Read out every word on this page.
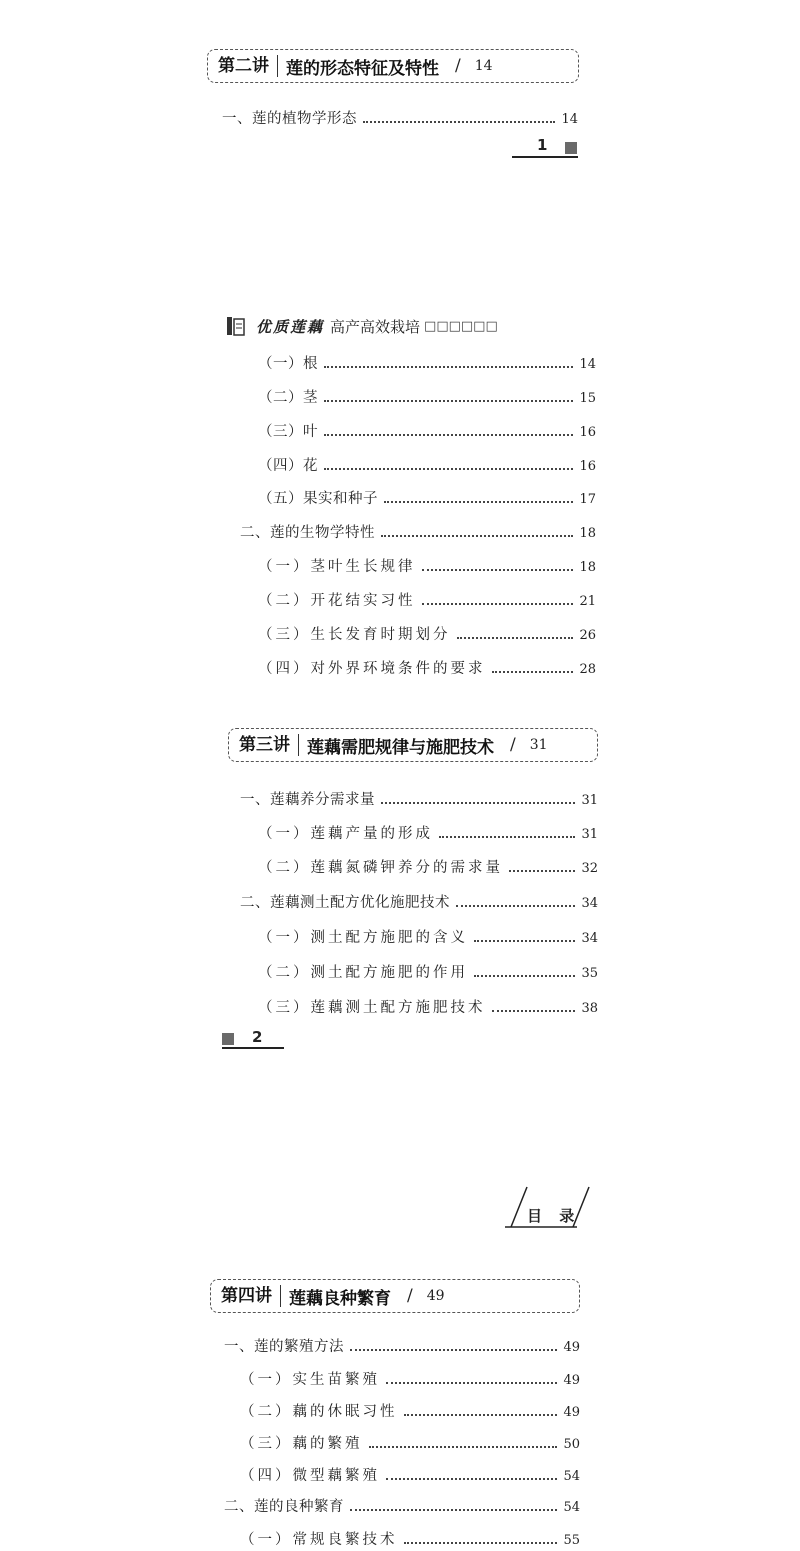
第二讲	莲的形态特征及特性 / 14
一、莲的植物学形态	14
1
优质莲藕 高产高效栽培 □□□□□□
（一）根	14
（二）茎	15
（三）叶	16
（四）花	16
（五）果实和种子	17
二、莲的生物学特性	18
（一）茎叶生长规律	18
（二）开花结实习性	21
（三）生长发育时期划分	26
（四）对外界环境条件的要求	28
第三讲	莲藕需肥规律与施肥技术 / 31
一、莲藕养分需求量	31
（一）莲藕产量的形成	31
（二）莲藕氮磷钾养分的需求量	32
二、莲藕测土配方优化施肥技术	34
（一）测土配方施肥的含义	34
（二）测土配方施肥的作用	35
（三）莲藕测土配方施肥技术	38
2
目 录
第四讲	莲藕良种繁育 / 49
一、莲的繁殖方法	49
（一）实生苗繁殖	49
（二）藕的休眠习性	49
（三）藕的繁殖	50
（四）微型藕繁殖	54
二、莲的良种繁育	54
（一）常规良繁技术	55
